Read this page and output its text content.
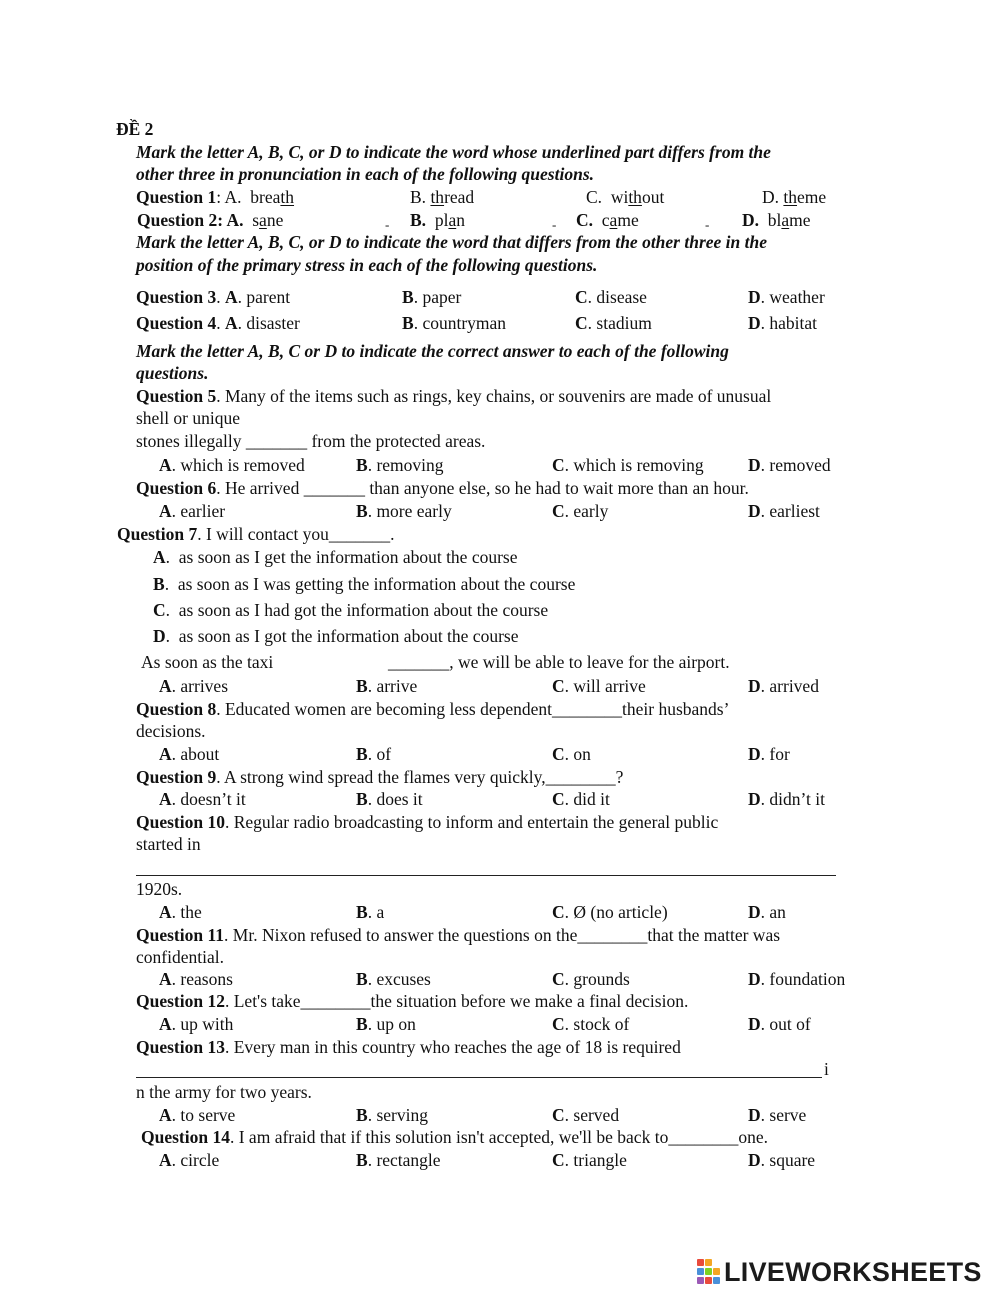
ĐỀ 2
Mark the letter A, B, C, or D to indicate the word whose underlined part differs from the
other three in pronunciation in each of the following questions.
Question 1: A.  breath	B. thread	C.  without	D. theme
Question 2: A.  sane	- B.  plan	- C.  came	- D.  blame
Mark the letter A, B, C, or D to indicate the word that differs from the other three in the
position of the primary stress in each of the following questions.
Question 3. A. parent	B. paper	C. disease	D. weather
Question 4. A. disaster	B. countryman	C. stadium	D. habitat
Mark the letter A, B, C or D to indicate the correct answer to each of the following
questions.
Question 5. Many of the items such as rings, key chains, or souvenirs are made of unusual
shell or unique
stones illegally _______ from the protected areas.
A. which is removed	B. removing	C. which is removing	D. removed
Question 6. He arrived _______ than anyone else, so he had to wait more than an hour.
A. earlier	B. more early	C. early	D. earliest
Question 7. I will contact you_______.
A.  as soon as I get the information about the course
B.  as soon as I was getting the information about the course
C.  as soon as I had got the information about the course
D.  as soon as I got the information about the course
As soon as the taxi	_______, we will be able to leave for the airport.
A. arrives	B. arrive	C. will arrive	D. arrived
Question 8. Educated women are becoming less dependent________their husbands’
decisions.
A. about	B. of	C. on	D. for
Question 9. A strong wind spread the flames very quickly,________?
A. doesn’t it	B. does it	C. did it	D. didn’t it
Question 10. Regular radio broadcasting to inform and entertain the general public
started in
1920s.
A. the	B. a	C. Ø (no article)	D. an
Question 11. Mr. Nixon refused to answer the questions on the________that the matter was
confidential.
A. reasons	B. excuses	C. grounds	D. foundation
Question 12. Let's take________the situation before we make a final decision.
A. up with	B. up on	C. stock of	D. out of
Question 13. Every man in this country who reaches the age of 18 is required
i
n the army for two years.
A. to serve	B. serving	C. served	D. serve
Question 14. I am afraid that if this solution isn't accepted, we'll be back to________one.
A. circle	B. rectangle	C. triangle	D. square
LIVEWORKSHEETS
